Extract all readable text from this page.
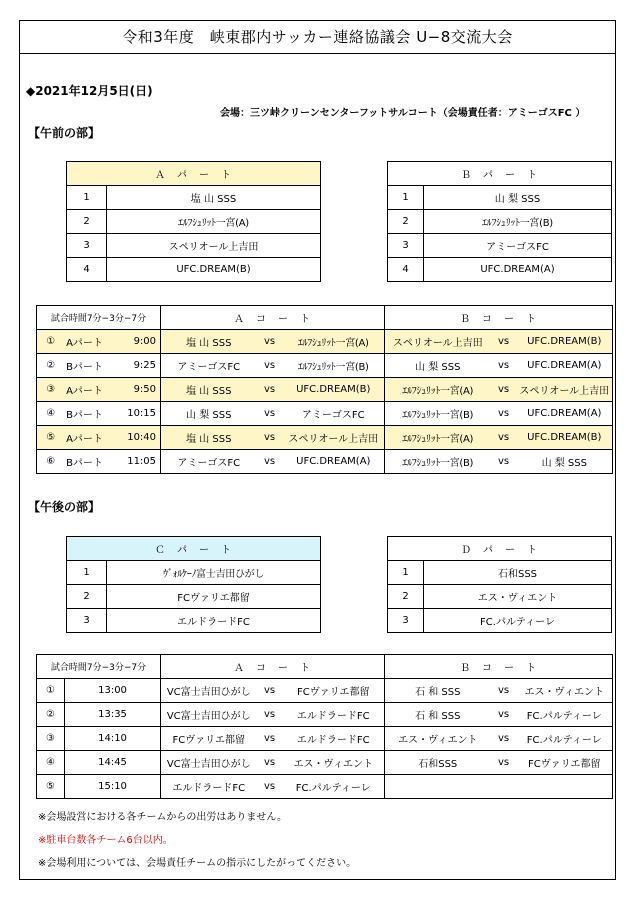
令和3年度　峡東郡内サッカー連絡協議会 U−8交流大会
◆2021年12月5日(日)
会場：三ツ峠クリーンセンターフットサルコート（会場責任者：アミーゴスFC ）
【午前の部】
Ａ　パ　ー　ト	
1	塩 山 SSS
2	ｴﾙﾌｼｭﾘｯﾄ一宮(A)
3	スペリオール上吉田
4	UFC.DREAM(B)
Ｂ　パ　ー　ト	
1	山 梨 SSS
2	ｴﾙﾌｼｭﾘｯﾄ一宮(B)
3	アミーゴスFC
4	UFC.DREAM(A)
試合時間7分−3分−7分			Ａ　コ　ー　ト			Ｂ　コ　ー　ト		
①	Aパート	9:00	塩 山 SSS	vs	ｴﾙﾌｼｭﾘｯﾄ一宮(A)	スペリオール上吉田	vs	UFC.DREAM(B)
②	Bパート	9:25	アミーゴスFC	vs	ｴﾙﾌｼｭﾘｯﾄ一宮(B)	山 梨 SSS	vs	UFC.DREAM(A)
③	Aパート	9:50	塩 山 SSS	vs	UFC.DREAM(B)	ｴﾙﾌｼｭﾘｯﾄ一宮(A)	vs	スペリオール上吉田
④	Bパート	10:15	山 梨 SSS	vs	アミーゴスFC	ｴﾙﾌｼｭﾘｯﾄ一宮(B)	vs	UFC.DREAM(A)
⑤	Aパート	10:40	塩 山 SSS	vs	スペリオール上吉田	ｴﾙﾌｼｭﾘｯﾄ一宮(A)	vs	UFC.DREAM(B)
⑥	Bパート	11:05	アミーゴスFC	vs	UFC.DREAM(A)	ｴﾙﾌｼｭﾘｯﾄ一宮(B)	vs	山 梨 SSS
【午後の部】
Ｃ　パ　ー　ト	
1	ｳﾞｫﾙｹｰﾉ富士吉田ひがし
2	FCヴァリエ都留
3	エルドラードFC
Ｄ　パ　ー　ト	
1	石和SSS
2	エス・ヴィエント
3	FC.パルティーレ
試合時間7分−3分−7分		Ａ　コ　ー　ト			Ｂ　コ　ー　ト		
①	13:00	VC富士吉田ひがし	vs	FCヴァリエ都留	石 和 SSS	vs	エス・ヴィエント
②	13:35	VC富士吉田ひがし	vs	エルドラードFC	石 和 SSS	vs	FC.パルティーレ
③	14:10	FCヴァリエ都留	vs	エルドラードFC	エス・ヴィエント	vs	FC.パルティーレ
④	14:45	VC富士吉田ひがし	vs	エス・ヴィエント	石和SSS	vs	FCヴァリエ都留
⑤	15:10	エルドラードFC	vs	FC.パルティーレ			
※会場設営における各チームからの出労はありません。
※駐車台数各チーム6台以内。
※会場利用については、会場責任チームの指示にしたがってください。
